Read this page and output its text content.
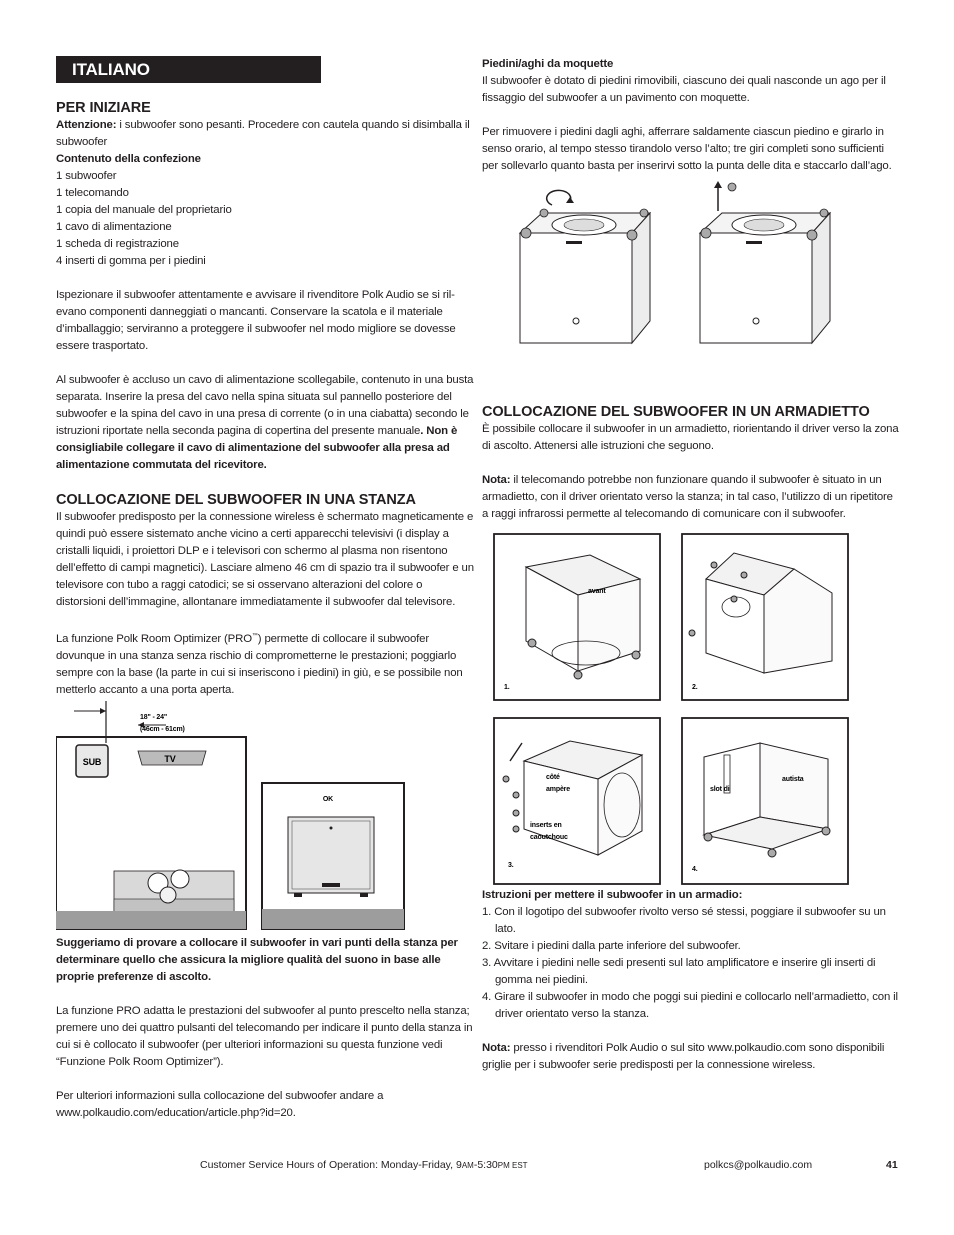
ITALIANO
PER INIZIARE

Attenzione: i subwoofer sono pesanti. Procedere con cautela quando si disimballa il subwoofer

Contenuto della confezione

1 subwoofer
1 telecomando
1 copia del manuale del proprietario
1 cavo di alimentazione
1 scheda di registrazione
4 inserti di gomma per i piedini

Ispezionare il subwoofer attentamente e avvisare il rivenditore Polk Audio se si rilevano componenti danneggiati o mancanti. Conservare la scatola e il materiale d’imballaggio; serviranno a proteggere il subwoofer nel modo migliore se dovesse essere trasportato.

Al subwoofer è accluso un cavo di alimentazione scollegabile, contenuto in una busta separata. Inserire la presa del cavo nella spina situata sul pannello posteriore del subwoofer e la spina del cavo in una presa di corrente (o in una ciabatta) secondo le istruzioni riportate nella seconda pagina di copertina del presente manuale. Non è consigliabile collegare il cavo di alimentazione del subwoofer alla presa ad alimentazione commutata del ricevitore.

COLLOCAZIONE DEL SUBWOOFER IN UNA STANZA

Il subwoofer predisposto per la connessione wireless è schermato magneticamente e quindi può essere sistemato anche vicino a certi apparecchi televisivi (i display a cristalli liquidi, i proiettori DLP e i televisori con schermo al plasma non risentono dell’effetto di campi magnetici). Lasciare almeno 46 cm di spazio tra il subwoofer e un televisore con tubo a raggi catodici; se si osservano alterazioni del colore o distorsioni dell’immagine, allontanare immediatamente il subwoofer dal televisore.

La funzione Polk Room Optimizer (PRO™) permette di collocare il subwoofer dovunque in una stanza senza rischio di comprometterne le prestazioni; poggiarlo sempre con la base (la parte in cui si inseriscono i piedini) in giù, e se possibile non metterlo accanto a una porta aperta.

18" - 24"
(46cm - 61cm)
SUB	TV
OK

Suggeriamo di provare a collocare il subwoofer in vari punti della stanza per determinare quello che assicura la migliore qualità del suono in base alle proprie preferenze di ascolto.

La funzione PRO adatta le prestazioni del subwoofer al punto prescelto nella stanza; premere uno dei quattro pulsanti del telecomando per indicare il punto della stanza in cui si è collocato il subwoofer (per ulteriori informazioni su questa funzione vedi “Funzione Polk Room Optimizer”).

Per ulteriori informazioni sulla collocazione del subwoofer andare a www.polkaudio.com/education/article.php?id=20.

Piedini/aghi da moquette

Il subwoofer è dotato di piedini rimovibili, ciascuno dei quali nasconde un ago per il fissaggio del subwoofer a un pavimento con moquette.

Per rimuovere i piedini dagli aghi, afferrare saldamente ciascun piedino e girarlo in senso orario, al tempo stesso tirandolo verso l’alto; tre giri completi sono sufficienti per sollevarlo quanto basta per inserirvi sotto la punta delle dita e staccarlo dall’ago.

COLLOCAZIONE DEL SUBWOOFER IN UN ARMADIETTO

È possibile collocare il subwoofer in un armadietto, riorientando il driver verso la zona di ascolto. Attenersi alle istruzioni che seguono.

Nota: il telecomando potrebbe non funzionare quando il subwoofer è situato in un armadietto, con il driver orientato verso la stanza; in tal caso, l’utilizzo di un ripetitore a raggi infrarossi permette al telecomando di comunicare con il subwoofer.

avant
1.	2.
côté
ampère
inserts en
caoutchouc
3.
slot di
autista
4.

Istruzioni per mettere il subwoofer in un armadio:

1. Con il logotipo del subwoofer rivolto verso sé stessi, poggiare il subwoofer su un lato.
2. Svitare i piedini dalla parte inferiore del subwoofer.
3. Avvitare i piedini nelle sedi presenti sul lato amplificatore e inserire gli inserti di gomma nei piedini.
4. Girare il subwoofer in modo che poggi sui piedini e collocarlo nell’armadietto, con il driver orientato verso la stanza.

Nota: presso i rivenditori Polk Audio o sul sito www.polkaudio.com sono disponibili griglie per i subwoofer serie predisposti per la connessione wireless.

Customer Service Hours of Operation: Monday-Friday, 9AM-5:30PM EST	polkcs@polkaudio.com	41
